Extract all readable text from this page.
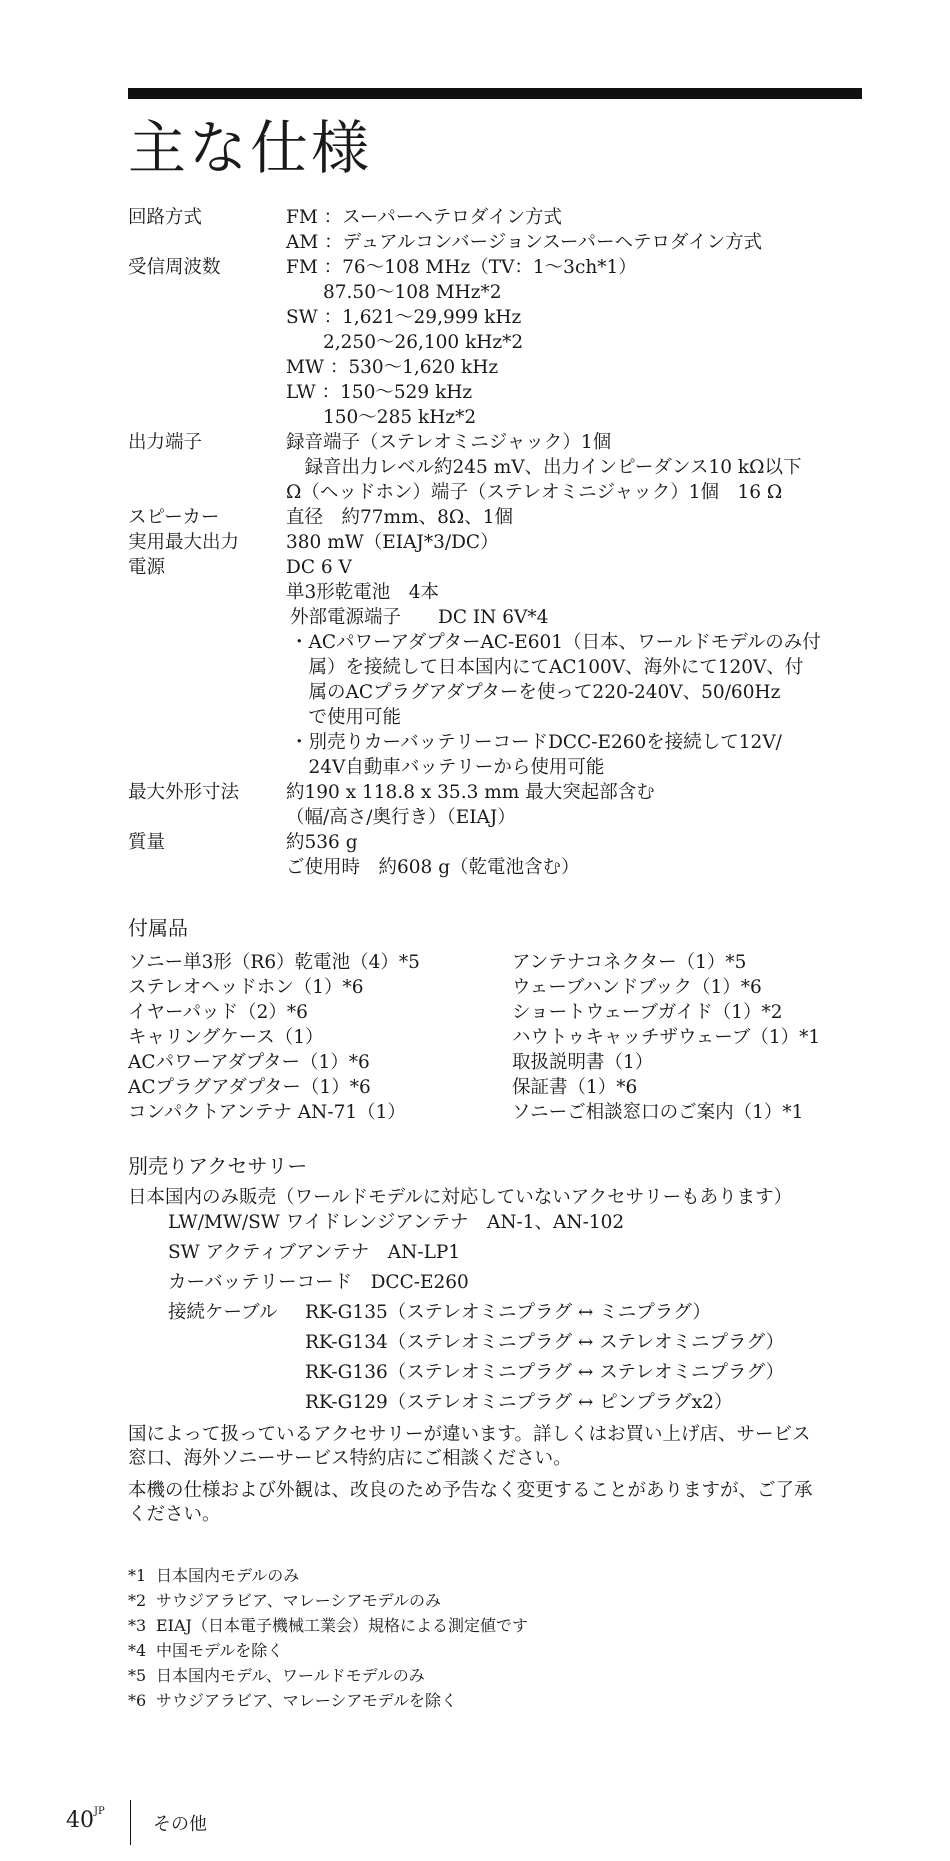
主な仕様
回路方式	FM ：スーパーヘテロダイン方式
AM ：デュアルコンバージョンスーパーヘテロダイン方式
受信周波数	FM ：76～108 MHz（TV：1～3ch*1）
　　87.50～108 MHz*2
SW ：1,621～29,999 kHz
　　2,250～26,100 kHz*2
MW ：530～1,620 kHz
LW ：150～529 kHz
　　150～285 kHz*2
出力端子	録音端子（ステレオミニジャック）1個
　録音出力レベル約245 mV、出力インピーダンス10 kΩ以下
Ω（ヘッドホン）端子（ステレオミニジャック）1個　16 Ω
スピーカー	直径　約77mm、8Ω、1個
実用最大出力	380 mW（EIAJ*3/DC）
電源	DC 6 V
単3形乾電池　4本
外部電源端子　　DC IN 6V*4
・ACパワーアダプターAC-E601（日本、ワールドモデルのみ付
　属）を接続して日本国内にてAC100V、海外にて120V、付
　属のACプラグアダプターを使って220-240V、50/60Hz
　で使用可能
・別売りカーバッテリーコードDCC-E260を接続して12V/
　24V自動車バッテリーから使用可能
最大外形寸法	約190 x 118.8 x 35.3 mm 最大突起部含む
（幅/高さ/奥行き）（EIAJ）
質量	約536 g
ご使用時　約608 g（乾電池含む）
付属品
ソニー単3形（R6）乾電池（4）*5
ステレオヘッドホン（1）*6
イヤーパッド（2）*6
キャリングケース（1）
ACパワーアダプター（1）*6
ACプラグアダプター（1）*6
コンパクトアンテナ AN-71（1）
アンテナコネクター（1）*5
ウェーブハンドブック（1）*6
ショートウェーブガイド（1）*2
ハウトゥキャッチザウェーブ（1）*1
取扱説明書（1）
保証書（1）*6
ソニーご相談窓口のご案内（1）*1
別売りアクセサリー
日本国内のみ販売（ワールドモデルに対応していないアクセサリーもあります）
LW/MW/SW ワイドレンジアンテナ　AN-1、AN-102
SW アクティブアンテナ　AN-LP1
カーバッテリーコード　DCC-E260
接続ケーブル RK-G135（ステレオミニプラグ ↔ ミニプラグ）
RK-G134（ステレオミニプラグ ↔ ステレオミニプラグ）
RK-G136（ステレオミニプラグ ↔ ステレオミニプラグ）
RK-G129（ステレオミニプラグ ↔ ピンプラグx2）
国によって扱っているアクセサリーが違います。詳しくはお買い上げ店、サービス
窓口、海外ソニーサービス特約店にご相談ください。
本機の仕様および外観は、改良のため予告なく変更することがありますが、ご了承
ください。
*1 日本国内モデルのみ
*2 サウジアラビア、マレーシアモデルのみ
*3 EIAJ（日本電子機械工業会）規格による測定値です
*4 中国モデルを除く
*5 日本国内モデル、ワールドモデルのみ
*6 サウジアラビア、マレーシアモデルを除く
$40^{JP}$
その他
